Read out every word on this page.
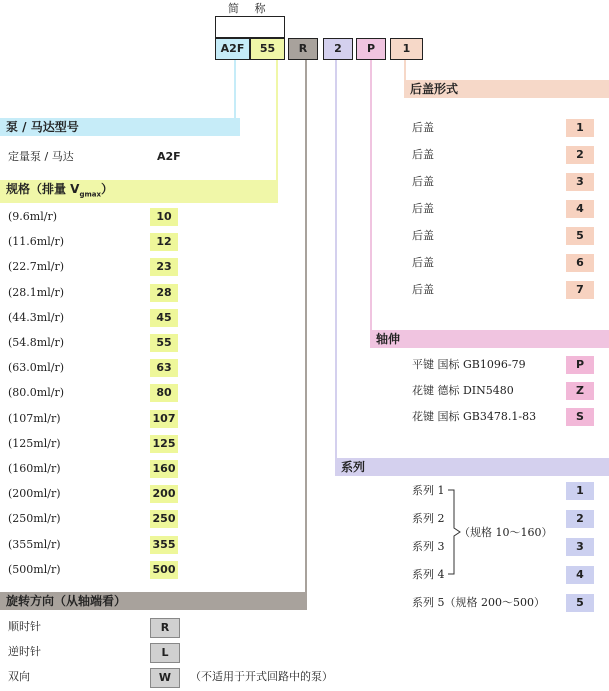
简 称
A2F	55	R	2	P	1
泵 / 马达型号
定量泵 / 马达	A2F
规格（排量 $V_{gmax}$）
(9.6ml/r)	10
(11.6ml/r)	12
(22.7ml/r)	23
(28.1ml/r)	28
(44.3ml/r)	45
(54.8ml/r)	55
(63.0ml/r)	63
(80.0ml/r)	80
(107ml/r)	107
(125ml/r)	125
(160ml/r)	160
(200ml/r)	200
(250ml/r)	250
(355ml/r)	355
(500ml/r)	500
旋转方向（从轴端看）
顺时针	R
逆时针	L
双向	W	（不适用于开式回路中的泵）
后盖形式
后盖	1
后盖	2
后盖	3
后盖	4
后盖	5
后盖	6
后盖	7
轴伸
平键 国标 GB1096-79	P
花键 德标 DIN5480	Z
花键 国标 GB3478.1-83	S
系列
系列 1	1
系列 2	2
系列 3	3
系列 4	4
系列 5（规格 200～500）	5
（规格 10～160）
